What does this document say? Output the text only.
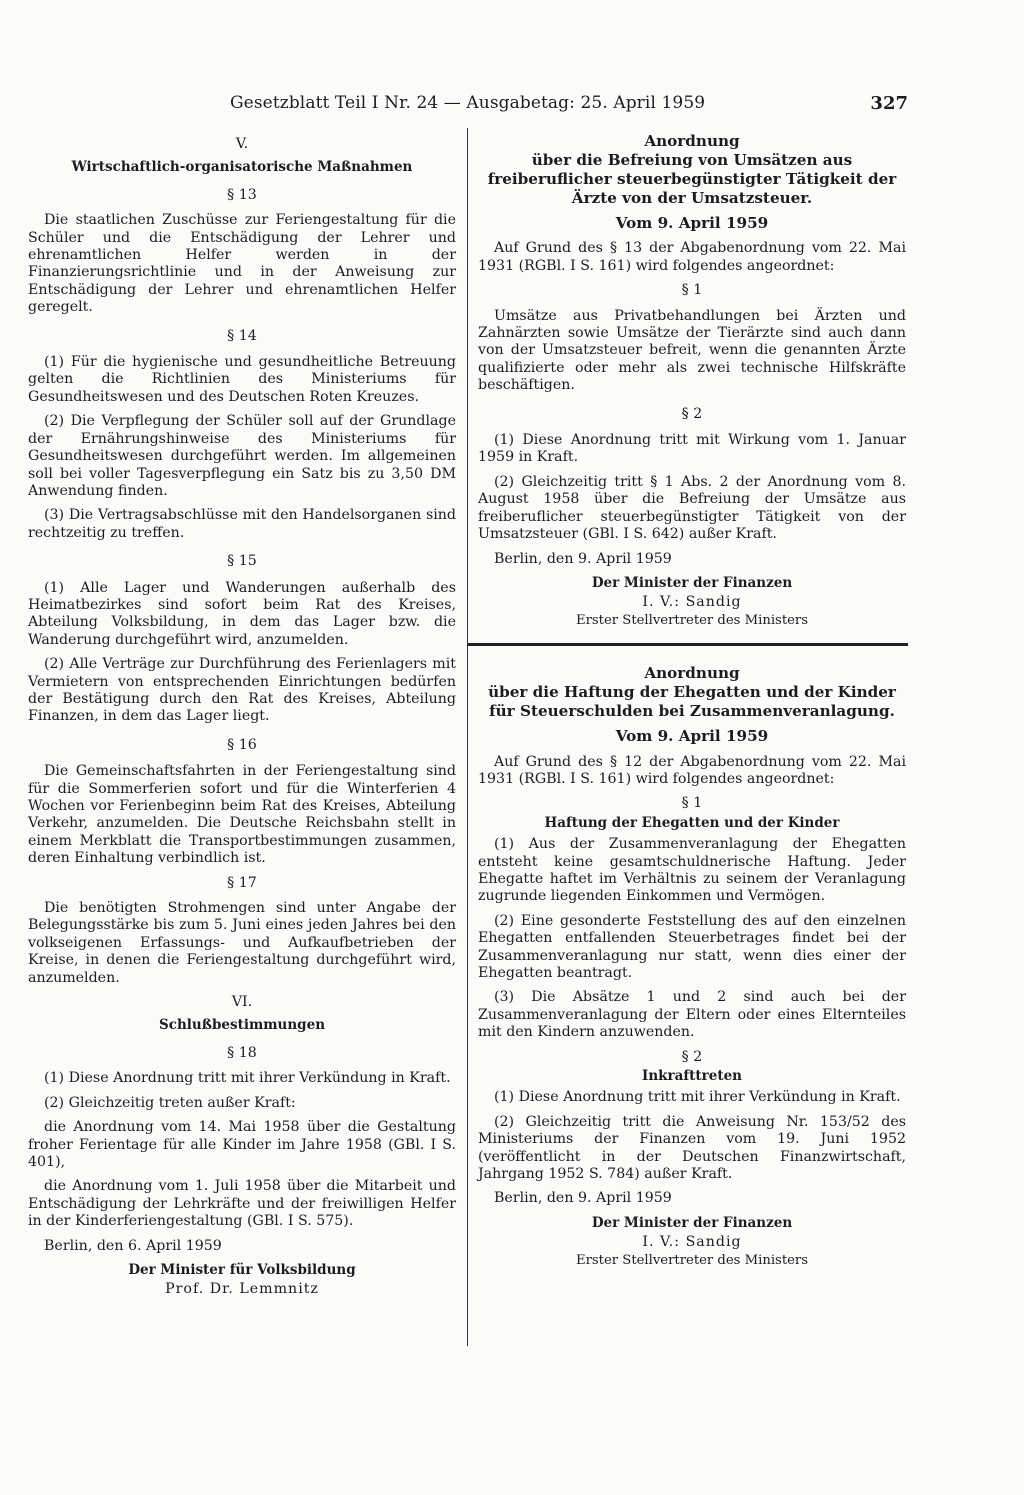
Gesetzblatt Teil I Nr. 24 — Ausgabetag: 25. April 1959	327
V.
Wirtschaftlich-organisatorische Maßnahmen
§ 13

Die staatlichen Zuschüsse zur Feriengestaltung für die Schüler und die Entschädigung der Lehrer und ehrenamtlichen Helfer werden in der Finanzierungsrichtlinie und in der Anweisung zur Entschädigung der Lehrer und ehrenamtlichen Helfer geregelt.

§ 14

(1) Für die hygienische und gesundheitliche Betreuung gelten die Richtlinien des Ministeriums für Gesundheitswesen und des Deutschen Roten Kreuzes.

(2) Die Verpflegung der Schüler soll auf der Grundlage der Ernährungshinweise des Ministeriums für Gesundheitswesen durchgeführt werden. Im allgemeinen soll bei voller Tagesverpflegung ein Satz bis zu 3,50 DM Anwendung finden.

(3) Die Vertragsabschlüsse mit den Handelsorganen sind rechtzeitig zu treffen.

§ 15

(1) Alle Lager und Wanderungen außerhalb des Heimatbezirkes sind sofort beim Rat des Kreises, Abteilung Volksbildung, in dem das Lager bzw. die Wanderung durchgeführt wird, anzumelden.

(2) Alle Verträge zur Durchführung des Ferienlagers mit Vermietern von entsprechenden Einrichtungen bedürfen der Bestätigung durch den Rat des Kreises, Abteilung Finanzen, in dem das Lager liegt.

§ 16

Die Gemeinschaftsfahrten in der Feriengestaltung sind für die Sommerferien sofort und für die Winterferien 4 Wochen vor Ferienbeginn beim Rat des Kreises, Abteilung Verkehr, anzumelden. Die Deutsche Reichsbahn stellt in einem Merkblatt die Transportbestimmungen zusammen, deren Einhaltung verbindlich ist.

§ 17

Die benötigten Strohmengen sind unter Angabe der Belegungsstärke bis zum 5. Juni eines jeden Jahres bei den volkseigenen Erfassungs- und Aufkaufbetrieben der Kreise, in denen die Feriengestaltung durchgeführt wird, anzumelden.

VI.
Schlußbestimmungen
§ 18

(1) Diese Anordnung tritt mit ihrer Verkündung in Kraft.

(2) Gleichzeitig treten außer Kraft:

die Anordnung vom 14. Mai 1958 über die Gestaltung froher Ferientage für alle Kinder im Jahre 1958 (GBl. I S. 401),

die Anordnung vom 1. Juli 1958 über die Mitarbeit und Entschädigung der Lehrkräfte und der freiwilligen Helfer in der Kinderferiengestaltung (GBl. I S. 575).

Berlin, den 6. April 1959

Der Minister für Volksbildung
Prof. Dr. Lemmnitz
Anordnung
über die Befreiung von Umsätzen aus freiberuflicher steuerbegünstigter Tätigkeit der Ärzte von der Umsatzsteuer.
Vom 9. April 1959

Auf Grund des § 13 der Abgabenordnung vom 22. Mai 1931 (RGBl. I S. 161) wird folgendes angeordnet:

§ 1

Umsätze aus Privatbehandlungen bei Ärzten und Zahnärzten sowie Umsätze der Tierärzte sind auch dann von der Umsatzsteuer befreit, wenn die genannten Ärzte qualifizierte oder mehr als zwei technische Hilfskräfte beschäftigen.

§ 2

(1) Diese Anordnung tritt mit Wirkung vom 1. Januar 1959 in Kraft.

(2) Gleichzeitig tritt § 1 Abs. 2 der Anordnung vom 8. August 1958 über die Befreiung der Umsätze aus freiberuflicher steuerbegünstigter Tätigkeit von der Umsatzsteuer (GBl. I S. 642) außer Kraft.

Berlin, den 9. April 1959

Der Minister der Finanzen
I. V.: Sandig
Erster Stellvertreter des Ministers
Anordnung
über die Haftung der Ehegatten und der Kinder für Steuerschulden bei Zusammenveranlagung.
Vom 9. April 1959

Auf Grund des § 12 der Abgabenordnung vom 22. Mai 1931 (RGBl. I S. 161) wird folgendes angeordnet:

§ 1
Haftung der Ehegatten und der Kinder

(1) Aus der Zusammenveranlagung der Ehegatten entsteht keine gesamtschuldnerische Haftung. Jeder Ehegatte haftet im Verhältnis zu seinem der Veranlagung zugrunde liegenden Einkommen und Vermögen.

(2) Eine gesonderte Feststellung des auf den einzelnen Ehegatten entfallenden Steuerbetrages findet bei der Zusammenveranlagung nur statt, wenn dies einer der Ehegatten beantragt.

(3) Die Absätze 1 und 2 sind auch bei der Zusammenveranlagung der Eltern oder eines Elternteiles mit den Kindern anzuwenden.

§ 2
Inkrafttreten

(1) Diese Anordnung tritt mit ihrer Verkündung in Kraft.

(2) Gleichzeitig tritt die Anweisung Nr. 153/52 des Ministeriums der Finanzen vom 19. Juni 1952 (veröffentlicht in der Deutschen Finanzwirtschaft, Jahrgang 1952 S. 784) außer Kraft.

Berlin, den 9. April 1959

Der Minister der Finanzen
I. V.: Sandig
Erster Stellvertreter des Ministers
